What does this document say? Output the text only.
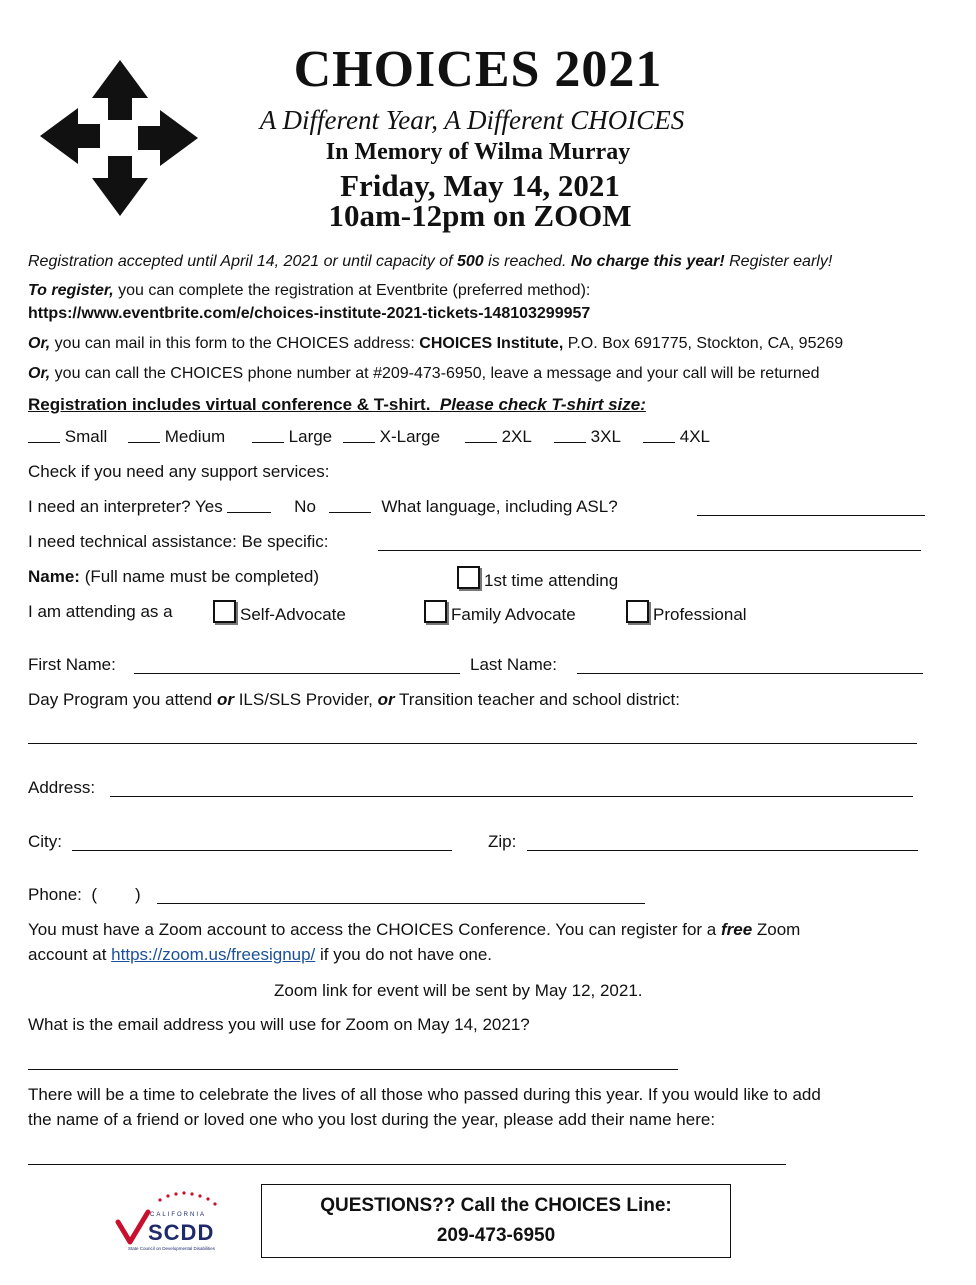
CHOICES 2021
A Different Year, A Different CHOICES
In Memory of Wilma Murray
Friday, May 14, 2021
10am-12pm on ZOOM
Registration accepted until April 14, 2021 or until capacity of 500 is reached. No charge this year! Register early!
To register, you can complete the registration at Eventbrite (preferred method):
https://www.eventbrite.com/e/choices-institute-2021-tickets-148103299957
Or, you can mail in this form to the CHOICES address: CHOICES Institute, P.O. Box 691775, Stockton, CA, 95269
Or, you can call the CHOICES phone number at #209-473-6950, leave a message and your call will be returned
Registration includes virtual conference & T-shirt. Please check T-shirt size:
Small	Medium	Large	X-Large	2XL	3XL	4XL
Check if you need any support services:
I need an interpreter? Yes	No	What language, including ASL?
I need technical assistance: Be specific:
Name: (Full name must be completed)	1st time attending
I am attending as a	Self-Advocate	Family Advocate	Professional
First Name:	Last Name:
Day Program you attend or ILS/SLS Provider, or Transition teacher and school district:
Address:
City:	Zip:
Phone: ( )
You must have a Zoom account to access the CHOICES Conference. You can register for a free Zoom
account at https://zoom.us/freesignup/ if you do not have one.
Zoom link for event will be sent by May 12, 2021.
What is the email address you will use for Zoom on May 14, 2021?
There will be a time to celebrate the lives of all those who passed during this year. If you would like to add
the name of a friend or loved one who you lost during the year, please add their name here:
CALIFORNIA
SCDD
State Council on Developmental Disabilities
QUESTIONS?? Call the CHOICES Line:
209-473-6950
